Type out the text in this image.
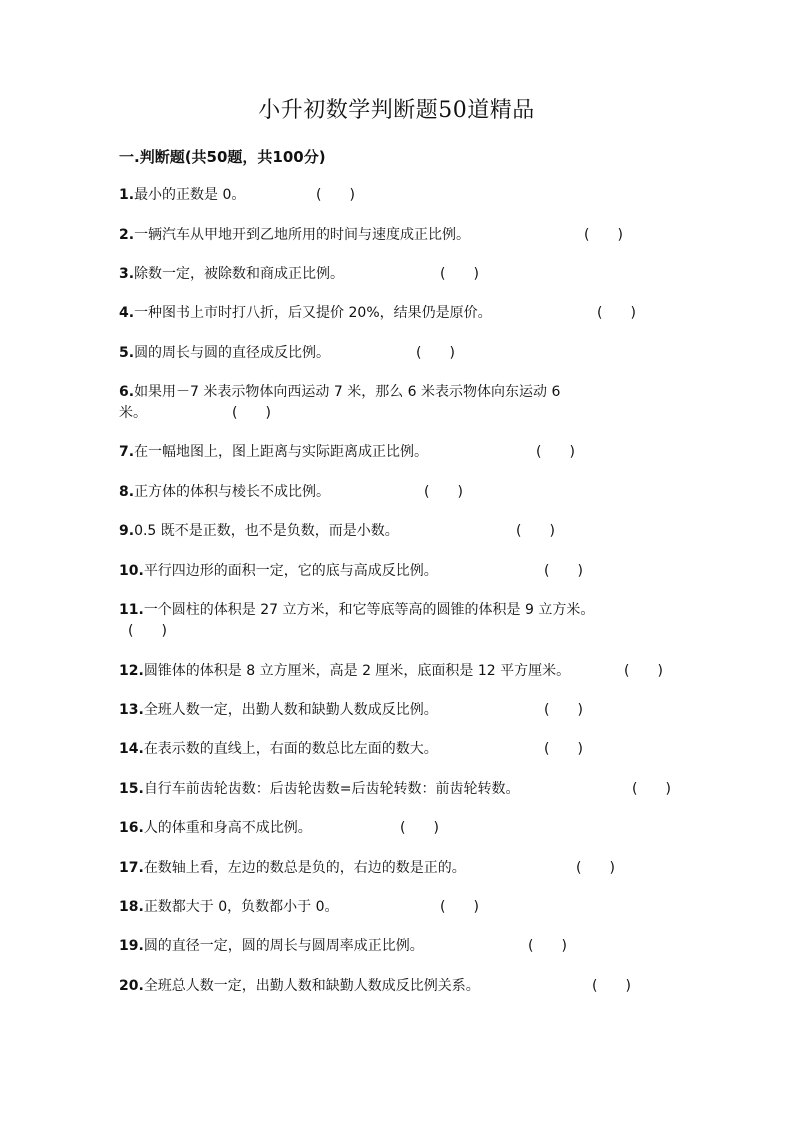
小升初数学判断题50道精品
一.判断题(共50题，共100分)
1.最小的正数是 0。	(　　)
2.一辆汽车从甲地开到乙地所用的时间与速度成正比例。	(　　)
3.除数一定，被除数和商成正比例。	(　　)
4.一种图书上市时打八折，后又提价 20%，结果仍是原价。	(　　)
5.圆的周长与圆的直径成反比例。	(　　)
6.如果用－7 米表示物体向西运动 7 米，那么 6 米表示物体向东运动 6
米。	(　　)
7.在一幅地图上，图上距离与实际距离成正比例。	(　　)
8.正方体的体积与棱长不成比例。	(　　)
9.0.5 既不是正数，也不是负数，而是小数。	(　　)
10.平行四边形的面积一定，它的底与高成反比例。	(　　)
11.一个圆柱的体积是 27 立方米，和它等底等高的圆锥的体积是 9 立方米。
(　　)
12.圆锥体的体积是 8 立方厘米，高是 2 厘米，底面积是 12 平方厘米。	(　　)
13.全班人数一定，出勤人数和缺勤人数成反比例。	(　　)
14.在表示数的直线上，右面的数总比左面的数大。	(　　)
15.自行车前齿轮齿数：后齿轮齿数=后齿轮转数：前齿轮转数。	(　　)
16.人的体重和身高不成比例。	(　　)
17.在数轴上看，左边的数总是负的，右边的数是正的。	(　　)
18.正数都大于 0，负数都小于 0。	(　　)
19.圆的直径一定，圆的周长与圆周率成正比例。	(　　)
20.全班总人数一定，出勤人数和缺勤人数成反比例关系。	(　　)
